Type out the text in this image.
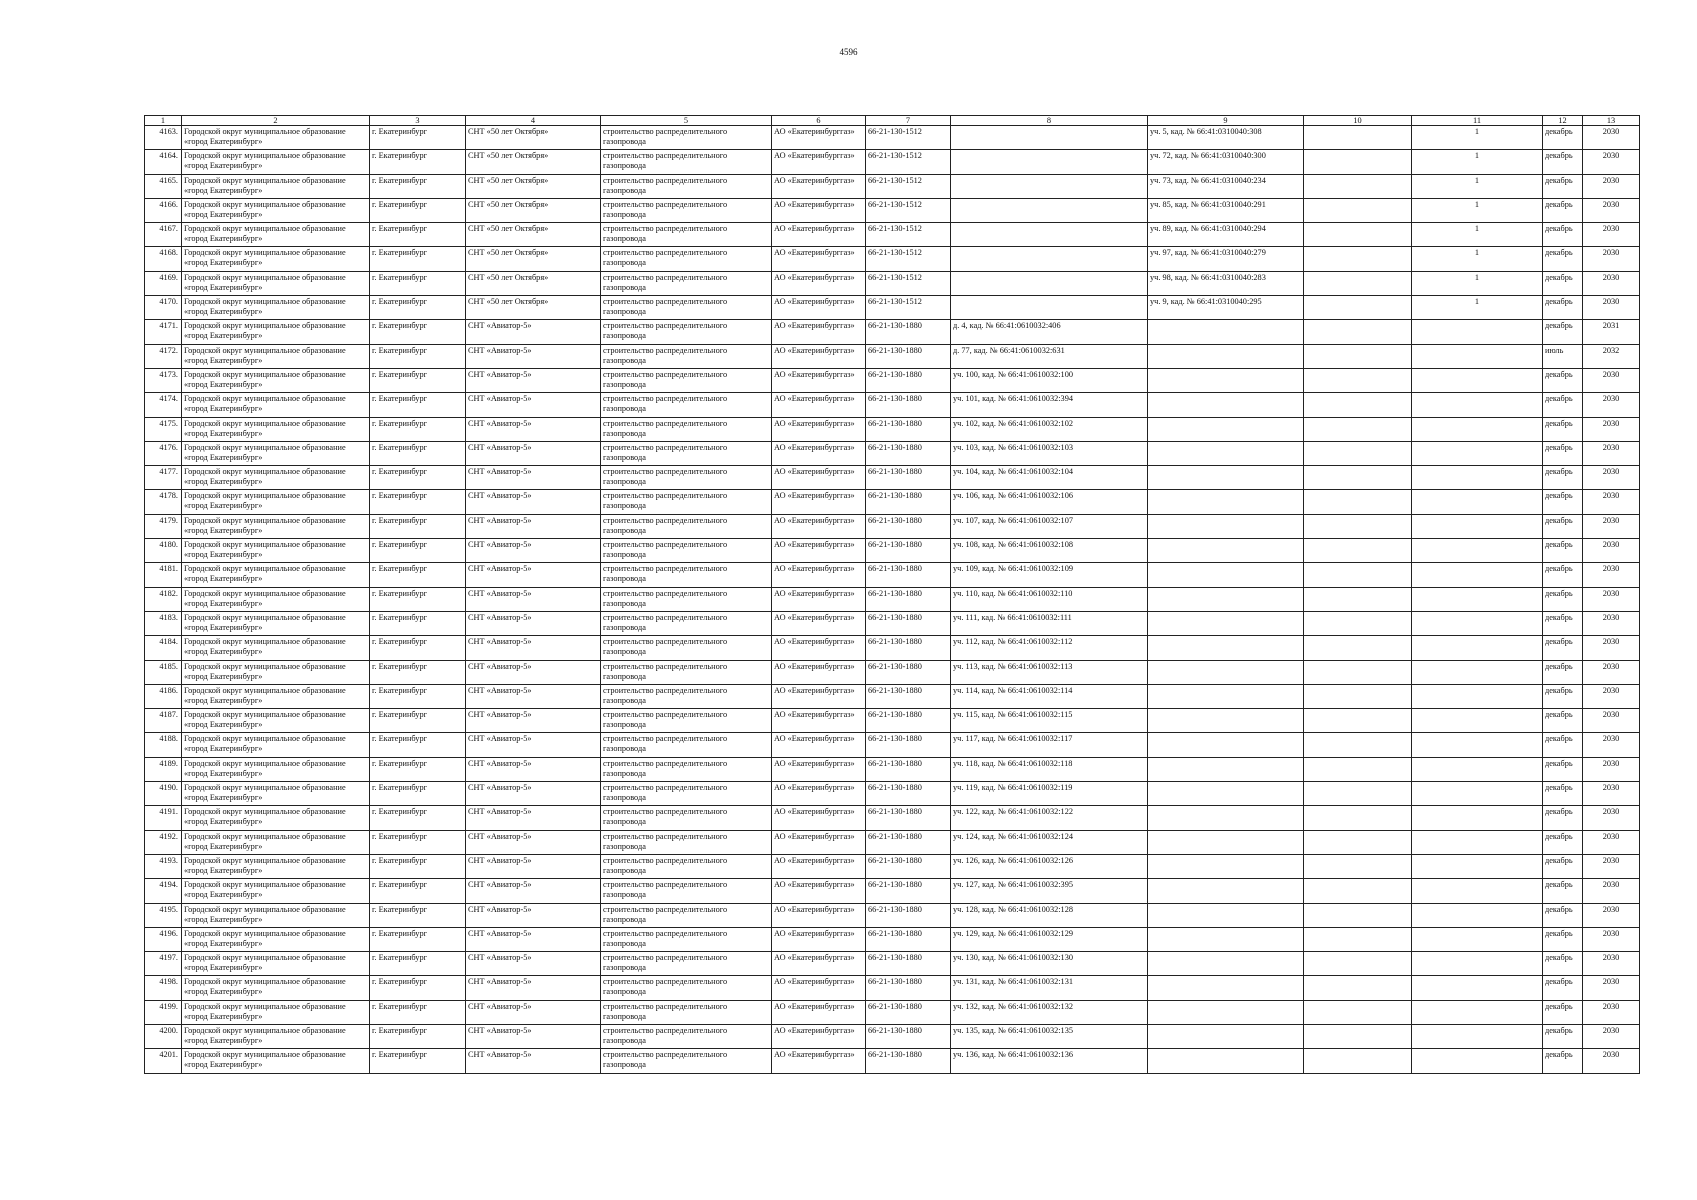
4596
1	2	3	4	5	6	7	8	9	10	11	12	13
4163.	Городской округ муниципальное образование «город Екатеринбург»	г. Екатеринбург	СНТ «50 лет Октября»	строительство распределительного газопровода	АО «Екатеринбурггаз»	66-21-130-1512		уч. 5, кад. № 66:41:0310040:308		1	декабрь	2030
4164.	Городской округ муниципальное образование «город Екатеринбург»	г. Екатеринбург	СНТ «50 лет Октября»	строительство распределительного газопровода	АО «Екатеринбурггаз»	66-21-130-1512		уч. 72, кад. № 66:41:0310040:300		1	декабрь	2030
4165.	Городской округ муниципальное образование «город Екатеринбург»	г. Екатеринбург	СНТ «50 лет Октября»	строительство распределительного газопровода	АО «Екатеринбурггаз»	66-21-130-1512		уч. 73, кад. № 66:41:0310040:234		1	декабрь	2030
4166.	Городской округ муниципальное образование «город Екатеринбург»	г. Екатеринбург	СНТ «50 лет Октября»	строительство распределительного газопровода	АО «Екатеринбурггаз»	66-21-130-1512		уч. 85, кад. № 66:41:0310040:291		1	декабрь	2030
4167.	Городской округ муниципальное образование «город Екатеринбург»	г. Екатеринбург	СНТ «50 лет Октября»	строительство распределительного газопровода	АО «Екатеринбурггаз»	66-21-130-1512		уч. 89, кад. № 66:41:0310040:294		1	декабрь	2030
4168.	Городской округ муниципальное образование «город Екатеринбург»	г. Екатеринбург	СНТ «50 лет Октября»	строительство распределительного газопровода	АО «Екатеринбурггаз»	66-21-130-1512		уч. 97, кад. № 66:41:0310040:279		1	декабрь	2030
4169.	Городской округ муниципальное образование «город Екатеринбург»	г. Екатеринбург	СНТ «50 лет Октября»	строительство распределительного газопровода	АО «Екатеринбурггаз»	66-21-130-1512		уч. 98, кад. № 66:41:0310040:283		1	декабрь	2030
4170.	Городской округ муниципальное образование «город Екатеринбург»	г. Екатеринбург	СНТ «50 лет Октября»	строительство распределительного газопровода	АО «Екатеринбурггаз»	66-21-130-1512		уч. 9, кад. № 66:41:0310040:295		1	декабрь	2030
4171.	Городской округ муниципальное образование «город Екатеринбург»	г. Екатеринбург	СНТ «Авиатор-5»	строительство распределительного газопровода	АО «Екатеринбурггаз»	66-21-130-1880	д. 4, кад. № 66:41:0610032:406				декабрь	2031
4172.	Городской округ муниципальное образование «город Екатеринбург»	г. Екатеринбург	СНТ «Авиатор-5»	строительство распределительного газопровода	АО «Екатеринбурггаз»	66-21-130-1880	д. 77, кад. № 66:41:0610032:631				июль	2032
4173.	Городской округ муниципальное образование «город Екатеринбург»	г. Екатеринбург	СНТ «Авиатор-5»	строительство распределительного газопровода	АО «Екатеринбурггаз»	66-21-130-1880	уч. 100, кад. № 66:41:0610032:100				декабрь	2030
4174.	Городской округ муниципальное образование «город Екатеринбург»	г. Екатеринбург	СНТ «Авиатор-5»	строительство распределительного газопровода	АО «Екатеринбурггаз»	66-21-130-1880	уч. 101, кад. № 66:41:0610032:394				декабрь	2030
4175.	Городской округ муниципальное образование «город Екатеринбург»	г. Екатеринбург	СНТ «Авиатор-5»	строительство распределительного газопровода	АО «Екатеринбурггаз»	66-21-130-1880	уч. 102, кад. № 66:41:0610032:102				декабрь	2030
4176.	Городской округ муниципальное образование «город Екатеринбург»	г. Екатеринбург	СНТ «Авиатор-5»	строительство распределительного газопровода	АО «Екатеринбурггаз»	66-21-130-1880	уч. 103, кад. № 66:41:0610032:103				декабрь	2030
4177.	Городской округ муниципальное образование «город Екатеринбург»	г. Екатеринбург	СНТ «Авиатор-5»	строительство распределительного газопровода	АО «Екатеринбурггаз»	66-21-130-1880	уч. 104, кад. № 66:41:0610032:104				декабрь	2030
4178.	Городской округ муниципальное образование «город Екатеринбург»	г. Екатеринбург	СНТ «Авиатор-5»	строительство распределительного газопровода	АО «Екатеринбурггаз»	66-21-130-1880	уч. 106, кад. № 66:41:0610032:106				декабрь	2030
4179.	Городской округ муниципальное образование «город Екатеринбург»	г. Екатеринбург	СНТ «Авиатор-5»	строительство распределительного газопровода	АО «Екатеринбурггаз»	66-21-130-1880	уч. 107, кад. № 66:41:0610032:107				декабрь	2030
4180.	Городской округ муниципальное образование «город Екатеринбург»	г. Екатеринбург	СНТ «Авиатор-5»	строительство распределительного газопровода	АО «Екатеринбурггаз»	66-21-130-1880	уч. 108, кад. № 66:41:0610032:108				декабрь	2030
4181.	Городской округ муниципальное образование «город Екатеринбург»	г. Екатеринбург	СНТ «Авиатор-5»	строительство распределительного газопровода	АО «Екатеринбурггаз»	66-21-130-1880	уч. 109, кад. № 66:41:0610032:109				декабрь	2030
4182.	Городской округ муниципальное образование «город Екатеринбург»	г. Екатеринбург	СНТ «Авиатор-5»	строительство распределительного газопровода	АО «Екатеринбурггаз»	66-21-130-1880	уч. 110, кад. № 66:41:0610032:110				декабрь	2030
4183.	Городской округ муниципальное образование «город Екатеринбург»	г. Екатеринбург	СНТ «Авиатор-5»	строительство распределительного газопровода	АО «Екатеринбурггаз»	66-21-130-1880	уч. 111, кад. № 66:41:0610032:111				декабрь	2030
4184.	Городской округ муниципальное образование «город Екатеринбург»	г. Екатеринбург	СНТ «Авиатор-5»	строительство распределительного газопровода	АО «Екатеринбурггаз»	66-21-130-1880	уч. 112, кад. № 66:41:0610032:112				декабрь	2030
4185.	Городской округ муниципальное образование «город Екатеринбург»	г. Екатеринбург	СНТ «Авиатор-5»	строительство распределительного газопровода	АО «Екатеринбурггаз»	66-21-130-1880	уч. 113, кад. № 66:41:0610032:113				декабрь	2030
4186.	Городской округ муниципальное образование «город Екатеринбург»	г. Екатеринбург	СНТ «Авиатор-5»	строительство распределительного газопровода	АО «Екатеринбурггаз»	66-21-130-1880	уч. 114, кад. № 66:41:0610032:114				декабрь	2030
4187.	Городской округ муниципальное образование «город Екатеринбург»	г. Екатеринбург	СНТ «Авиатор-5»	строительство распределительного газопровода	АО «Екатеринбурггаз»	66-21-130-1880	уч. 115, кад. № 66:41:0610032:115				декабрь	2030
4188.	Городской округ муниципальное образование «город Екатеринбург»	г. Екатеринбург	СНТ «Авиатор-5»	строительство распределительного газопровода	АО «Екатеринбурггаз»	66-21-130-1880	уч. 117, кад. № 66:41:0610032:117				декабрь	2030
4189.	Городской округ муниципальное образование «город Екатеринбург»	г. Екатеринбург	СНТ «Авиатор-5»	строительство распределительного газопровода	АО «Екатеринбурггаз»	66-21-130-1880	уч. 118, кад. № 66:41:0610032:118				декабрь	2030
4190.	Городской округ муниципальное образование «город Екатеринбург»	г. Екатеринбург	СНТ «Авиатор-5»	строительство распределительного газопровода	АО «Екатеринбурггаз»	66-21-130-1880	уч. 119, кад. № 66:41:0610032:119				декабрь	2030
4191.	Городской округ муниципальное образование «город Екатеринбург»	г. Екатеринбург	СНТ «Авиатор-5»	строительство распределительного газопровода	АО «Екатеринбурггаз»	66-21-130-1880	уч. 122, кад. № 66:41:0610032:122				декабрь	2030
4192.	Городской округ муниципальное образование «город Екатеринбург»	г. Екатеринбург	СНТ «Авиатор-5»	строительство распределительного газопровода	АО «Екатеринбурггаз»	66-21-130-1880	уч. 124, кад. № 66:41:0610032:124				декабрь	2030
4193.	Городской округ муниципальное образование «город Екатеринбург»	г. Екатеринбург	СНТ «Авиатор-5»	строительство распределительного газопровода	АО «Екатеринбурггаз»	66-21-130-1880	уч. 126, кад. № 66:41:0610032:126				декабрь	2030
4194.	Городской округ муниципальное образование «город Екатеринбург»	г. Екатеринбург	СНТ «Авиатор-5»	строительство распределительного газопровода	АО «Екатеринбурггаз»	66-21-130-1880	уч. 127, кад. № 66:41:0610032:395				декабрь	2030
4195.	Городской округ муниципальное образование «город Екатеринбург»	г. Екатеринбург	СНТ «Авиатор-5»	строительство распределительного газопровода	АО «Екатеринбурггаз»	66-21-130-1880	уч. 128, кад. № 66:41:0610032:128				декабрь	2030
4196.	Городской округ муниципальное образование «город Екатеринбург»	г. Екатеринбург	СНТ «Авиатор-5»	строительство распределительного газопровода	АО «Екатеринбурггаз»	66-21-130-1880	уч. 129, кад. № 66:41:0610032:129				декабрь	2030
4197.	Городской округ муниципальное образование «город Екатеринбург»	г. Екатеринбург	СНТ «Авиатор-5»	строительство распределительного газопровода	АО «Екатеринбурггаз»	66-21-130-1880	уч. 130, кад. № 66:41:0610032:130				декабрь	2030
4198.	Городской округ муниципальное образование «город Екатеринбург»	г. Екатеринбург	СНТ «Авиатор-5»	строительство распределительного газопровода	АО «Екатеринбурггаз»	66-21-130-1880	уч. 131, кад. № 66:41:0610032:131				декабрь	2030
4199.	Городской округ муниципальное образование «город Екатеринбург»	г. Екатеринбург	СНТ «Авиатор-5»	строительство распределительного газопровода	АО «Екатеринбурггаз»	66-21-130-1880	уч. 132, кад. № 66:41:0610032:132				декабрь	2030
4200.	Городской округ муниципальное образование «город Екатеринбург»	г. Екатеринбург	СНТ «Авиатор-5»	строительство распределительного газопровода	АО «Екатеринбурггаз»	66-21-130-1880	уч. 135, кад. № 66:41:0610032:135				декабрь	2030
4201.	Городской округ муниципальное образование «город Екатеринбург»	г. Екатеринбург	СНТ «Авиатор-5»	строительство распределительного газопровода	АО «Екатеринбурггаз»	66-21-130-1880	уч. 136, кад. № 66:41:0610032:136				декабрь	2030
